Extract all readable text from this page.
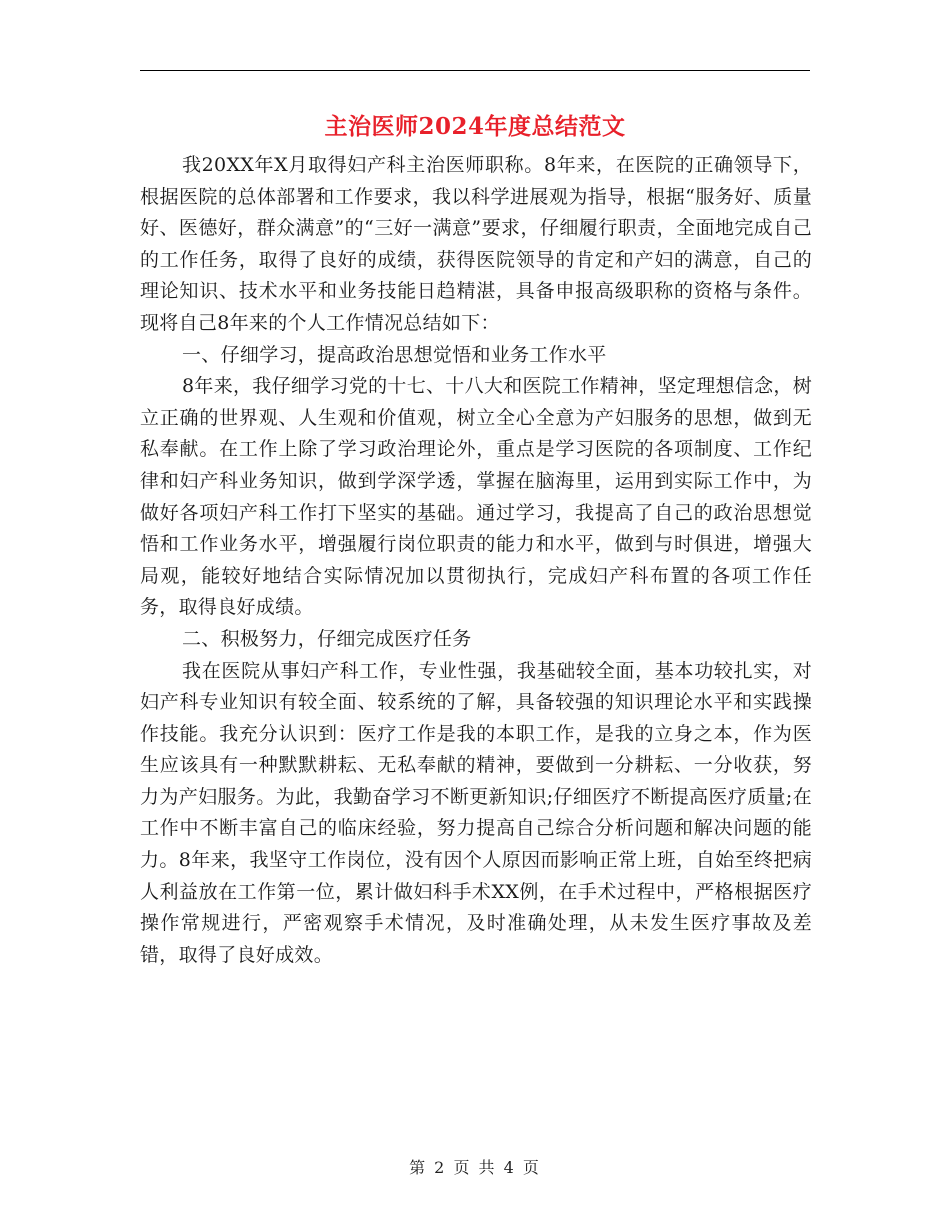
主治医师2024年度总结范文

我20XX年X月取得妇产科主治医师职称。8年来，在医院的正确领导下，根据医院的总体部署和工作要求，我以科学进展观为指导，根据“服务好、质量好、医德好，群众满意”的“三好一满意”要求，仔细履行职责，全面地完成自己的工作任务，取得了良好的成绩，获得医院领导的肯定和产妇的满意，自己的理论知识、技术水平和业务技能日趋精湛，具备申报高级职称的资格与条件。现将自己8年来的个人工作情况总结如下：

一、仔细学习，提高政治思想觉悟和业务工作水平

8年来，我仔细学习党的十七、十八大和医院工作精神，坚定理想信念，树立正确的世界观、人生观和价值观，树立全心全意为产妇服务的思想，做到无私奉献。在工作上除了学习政治理论外，重点是学习医院的各项制度、工作纪律和妇产科业务知识，做到学深学透，掌握在脑海里，运用到实际工作中，为做好各项妇产科工作打下坚实的基础。通过学习，我提高了自己的政治思想觉悟和工作业务水平，增强履行岗位职责的能力和水平，做到与时俱进，增强大局观，能较好地结合实际情况加以贯彻执行，完成妇产科布置的各项工作任务，取得良好成绩。

二、积极努力，仔细完成医疗任务

我在医院从事妇产科工作，专业性强，我基础较全面，基本功较扎实，对妇产科专业知识有较全面、较系统的了解，具备较强的知识理论水平和实践操作技能。我充分认识到：医疗工作是我的本职工作，是我的立身之本，作为医生应该具有一种默默耕耘、无私奉献的精神，要做到一分耕耘、一分收获，努力为产妇服务。为此，我勤奋学习不断更新知识;仔细医疗不断提高医疗质量;在工作中不断丰富自己的临床经验，努力提高自己综合分析问题和解决问题的能力。8年来，我坚守工作岗位，没有因个人原因而影响正常上班，自始至终把病人利益放在工作第一位，累计做妇科手术XX例，在手术过程中，严格根据医疗操作常规进行，严密观察手术情况，及时准确处理，从未发生医疗事故及差错，取得了良好成效。

第 2 页 共 4 页
